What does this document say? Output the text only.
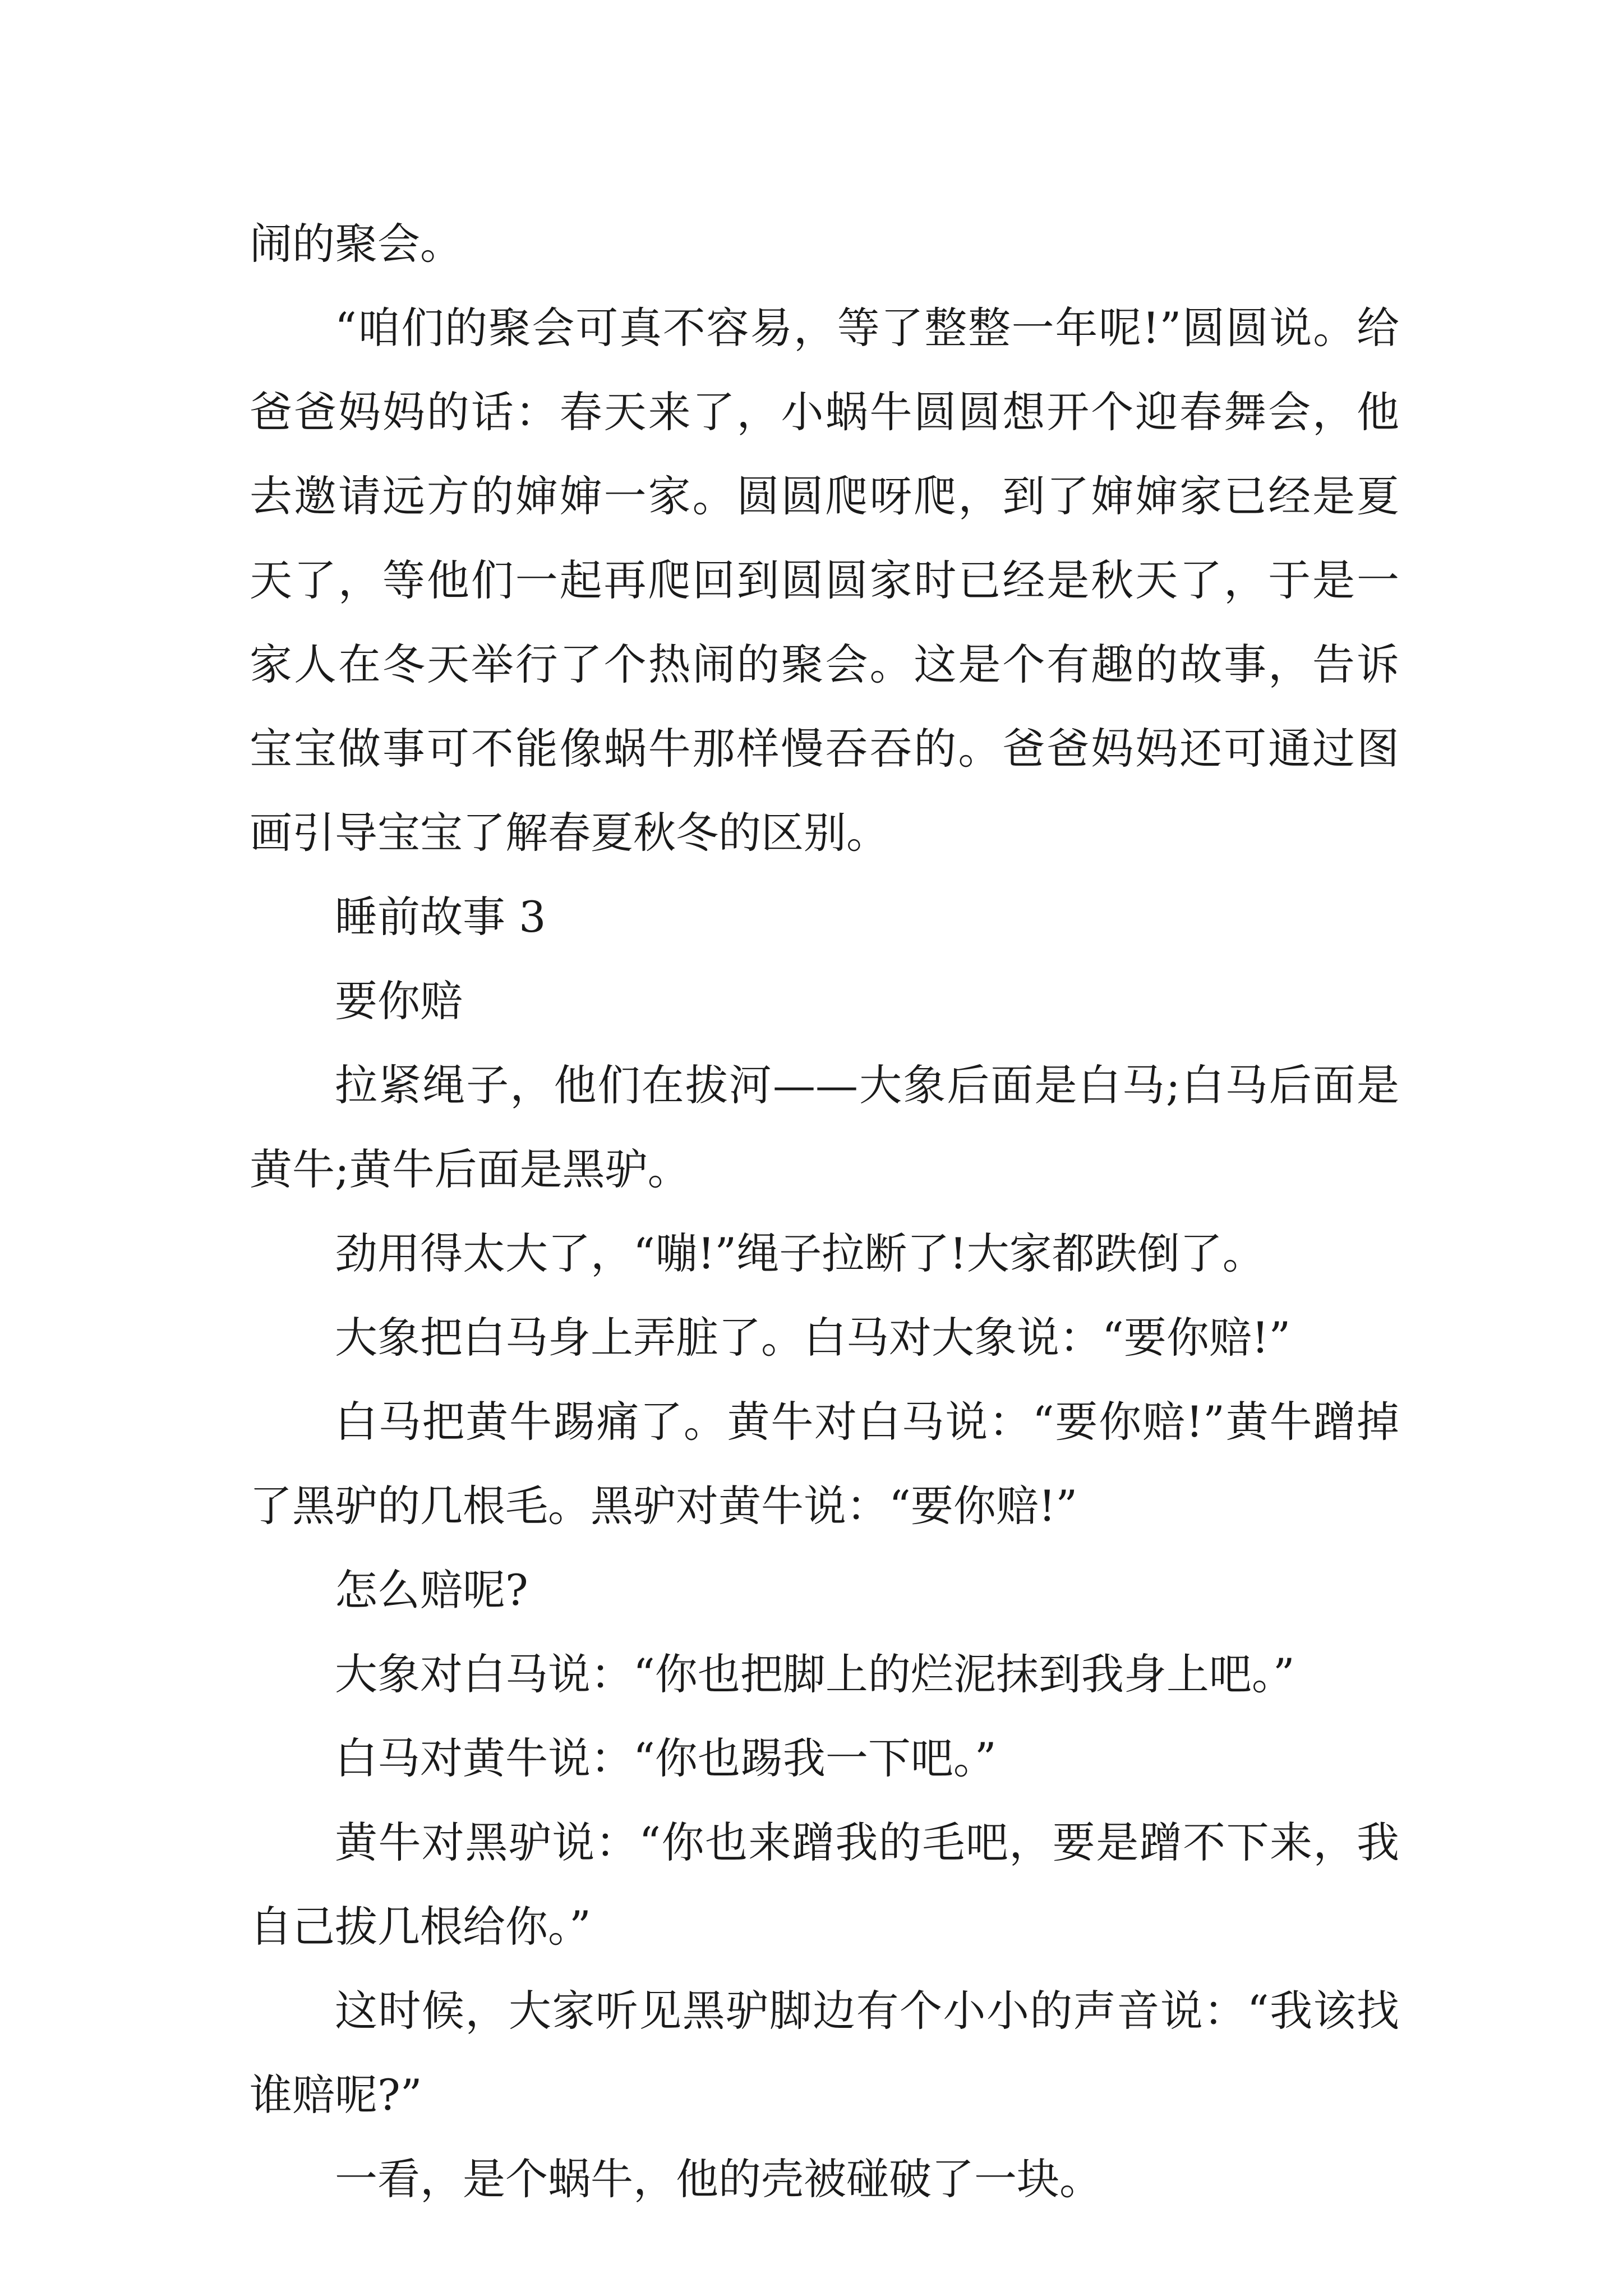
闹的聚会。

“咱们的聚会可真不容易，等了整整一年呢!”圆圆说。给爸爸妈妈的话：春天来了，小蜗牛圆圆想开个迎春舞会，他去邀请远方的婶婶一家。圆圆爬呀爬，到了婶婶家已经是夏天了，等他们一起再爬回到圆圆家时已经是秋天了，于是一家人在冬天举行了个热闹的聚会。这是个有趣的故事，告诉宝宝做事可不能像蜗牛那样慢吞吞的。爸爸妈妈还可通过图画引导宝宝了解春夏秋冬的区别。

睡前故事 3

要你赔

拉紧绳子，他们在拔河——大象后面是白马;白马后面是黄牛;黄牛后面是黑驴。

劲用得太大了，“嘣!”绳子拉断了!大家都跌倒了。

大象把白马身上弄脏了。白马对大象说：“要你赔!”

白马把黄牛踢痛了。黄牛对白马说：“要你赔!”黄牛蹭掉了黑驴的几根毛。黑驴对黄牛说：“要你赔!”

怎么赔呢?

大象对白马说：“你也把脚上的烂泥抹到我身上吧。”

白马对黄牛说：“你也踢我一下吧。”

黄牛对黑驴说：“你也来蹭我的毛吧，要是蹭不下来，我自己拔几根给你。”

这时候，大家听见黑驴脚边有个小小的声音说：“我该找谁赔呢?”

一看，是个蜗牛，他的壳被碰破了一块。
